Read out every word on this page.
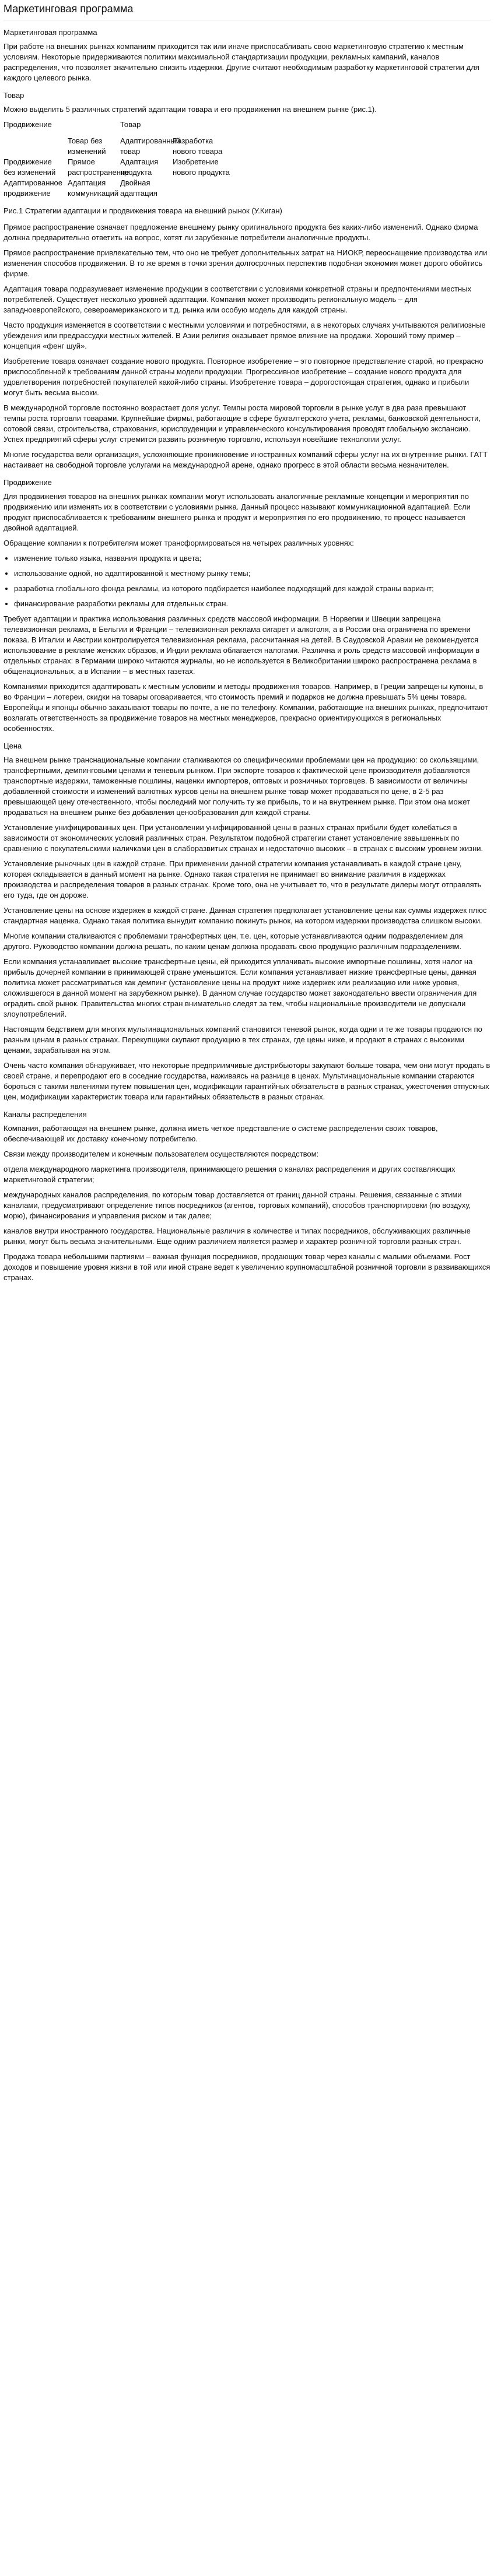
Маркетинговая программа
Маркетинговая программа

При работе на внешних рынках компаниям приходится так или иначе приспосабливать свою маркетинговую стратегию к местным условиям. Некоторые придерживаются политики максимальной стандартизации продукции, рекламных кампаний, каналов распределения, что позволяет значительно снизить издержки. Другие считают необходимым разработку маркетинговой стратегии для каждого целевого рынка.

Товар

Можно выделить 5 различных стратегий адаптации товара и его продвижения на внешнем рынке (рис.1).

Продвижение	Товар
Товар без изменений
Адаптированный товар
Разработка нового товара
Продвижение без изменений
Прямое распространение
Адаптация продукта
Изобретение нового продукта
Адаптированное продвижение
Адаптация коммуникаций
Двойная адаптация
Рис.1 Стратегии адаптации и продвижения товара на внешний рынок (У.Киган)

Прямое распространение означает предложение внешнему рынку оригинального продукта без каких-либо изменений. Однако фирма должна предварительно ответить на вопрос, хотят ли зарубежные потребители аналогичные продукты.

Прямое распространение привлекательно тем, что оно не требует дополнительных затрат на НИОКР, переоснащение производства или изменения способов продвижения. В то же время в точки зрения долгосрочных перспектив подобная экономия может дорого обойтись фирме.

Адаптация товара подразумевает изменение продукции в соответствии с условиями конкретной страны и предпочтениями местных потребителей. Существует несколько уровней адаптации. Компания может производить региональную модель – для западноевропейского, североамериканского и т.д. рынка или особую модель для каждой страны.

Часто продукция изменяется в соответствии с местными условиями и потребностями, а в некоторых случаях учитываются религиозные убеждения или предрассудки местных жителей. В Азии религия оказывает прямое влияние на продажи. Хороший тому пример – концепция «фенг шуй».

Изобретение товара означает создание нового продукта. Повторное изобретение – это повторное представление старой, но прекрасно приспособленной к требованиям данной страны модели продукции. Прогрессивное изобретение – создание нового продукта для удовлетворения потребностей покупателей какой-либо страны. Изобретение товара – дорогостоящая стратегия, однако и прибыли могут быть весьма высоки.

В международной торговле постоянно возрастает доля услуг. Темпы роста мировой торговли в рынке услуг в два раза превышают темпы роста торговли товарами. Крупнейшие фирмы, работающие в сфере бухгалтерского учета, рекламы, банковской деятельности, сотовой связи, строительства, страхования, юриспруденции и управленческого консультирования проводят глобальную экспансию. Успех предприятий сферы услуг стремится развить розничную торговлю, используя новейшие технологии услуг.

Многие государства вели организация, усложняющие проникновение иностранных компаний сферы услуг на их внутренние рынки. ГАТТ настаивает на свободной торговле услугами на международной арене, однако прогресс в этой области весьма незначителен.

Продвижение

Для продвижения товаров на внешних рынках компании могут использовать аналогичные рекламные концепции и мероприятия по продвижению или изменять их в соответствии с условиями рынка. Данный процесс называют коммуникационной адаптацией. Если продукт приспосабливается к требованиям внешнего рынка и продукт и мероприятия по его продвижению, то процесс называется двойной адаптацией.

Обращение компании к потребителям может трансформироваться на четырех различных уровнях:

• изменение только языка, названия продукта и цвета;
• использование одной, но адаптированной к местному рынку темы;
• разработка глобального фонда рекламы, из которого подбирается наиболее подходящий для каждой страны вариант;
• финансирование разработки рекламы для отдельных стран.

Требует адаптации и практика использования различных средств массовой информации. В Норвегии и Швеции запрещена телевизионная реклама, в Бельгии и Франции – телевизионная реклама сигарет и алкоголя, а в России она ограничена по времени показа. В Италии и Австрии контролируется телевизионная реклама, рассчитанная на детей. В Саудовской Аравии не рекомендуется использование в рекламе женских образов, и Индии реклама облагается налогами. Различна и роль средств массовой информации в отдельных странах: в Германии широко читаются журналы, но не используется в Великобритании широко распространена реклама в общенациональных, а в Испании – в местных газетах.

Компаниями приходится адаптировать к местным условиям и методы продвижения товаров. Например, в Греции запрещены купоны, в во Франции – лотереи, скидки на товары оговаривается, что стоимость премий и подарков не должна превышать 5% цены товара. Европейцы и японцы обычно заказывают товары по почте, а не по телефону. Компании, работающие на внешних рынках, предпочитают возлагать ответственность за продвижение товаров на местных менеджеров, прекрасно ориентирующихся в региональных особенностях.

Цена

На внешнем рынке транснациональные компании сталкиваются со специфическими проблемами цен на продукцию: со скользящими, трансфертными, демпинговыми ценами и теневым рынком. При экспорте товаров к фактической цене производителя добавляются транспортные издержки, таможенные пошлины, наценки импортеров, оптовых и розничных торговцев. В зависимости от величины добавленной стоимости и изменений валютных курсов цены на внешнем рынке товар может продаваться по цене, в 2-5 раз превышающей цену отечественного, чтобы последний мог получить ту же прибыль, то и на внутреннем рынке. При этом она может продаваться на внешнем рынке без добавления ценообразования для каждой страны.

Установление унифицированных цен. При установлении унифицированной цены в разных странах прибыли будет колебаться в зависимости от экономических условий различных стран. Результатом подобной стратегии станет установление завышенных по сравнению с покупательскими наличками цен в слаборазвитых странах и недостаточно высоких – в странах с высоким уровнем жизни.

Установление рыночных цен в каждой стране. При применении данной стратегии компания устанавливать в каждой стране цену, которая складывается в данный момент на рынке. Однако такая стратегия не принимает во внимание различия в издержках производства и распределения товаров в разных странах. Кроме того, она не учитывает то, что в результате дилеры могут отправлять его туда, где он дороже.

Установление цены на основе издержек в каждой стране. Данная стратегия предполагает установление цены как суммы издержек плюс стандартная наценка. Однако такая политика вынудит компанию покинуть рынок, на котором издержки производства слишком высоки.

Многие компании сталкиваются с проблемами трансфертных цен, т.е. цен, которые устанавливаются одним подразделением для другого. Руководство компании должна решать, по каким ценам должна продавать свою продукцию различным подразделениям.

Если компания устанавливает высокие трансфертные цены, ей приходится уплачивать высокие импортные пошлины, хотя налог на прибыль дочерней компании в принимающей стране уменьшится. Если компания устанавливает низкие трансфертные цены, данная политика может рассматриваться как демпинг (установление цены на продукт ниже издержек или реализацию или ниже уровня, сложившегося в данной момент на зарубежном рынке). В данном случае государство может законодательно ввести ограничения для оградить свой рынок. Правительства многих стран внимательно следят за тем, чтобы национальные производители не допускали злоупотреблений.

Настоящим бедствием для многих мультинациональных компаний становится теневой рынок, когда одни и те же товары продаются по разным ценам в разных странах. Перекупщики скупают продукцию в тех странах, где цены ниже, и продают в странах с высокими ценами, зарабатывая на этом.

Очень часто компания обнаруживает, что некоторые предприимчивые дистрибьюторы закупают больше товара, чем они могут продать в своей стране, и перепродают его в соседние государства, наживаясь на разнице в ценах. Мультинациональные компании стараются бороться с такими явлениями путем повышения цен, модификации гарантийных обязательств в разных странах, ужесточения отпускных цен, модификации характеристик товара или гарантийных обязательств в разных странах.

Каналы распределения

Компания, работающая на внешнем рынке, должна иметь четкое представление о системе распределения своих товаров, обеспечивающей их доставку конечному потребителю.

Связи между производителем и конечным пользователем осуществляются посредством:

отдела международного маркетинга производителя, принимающего решения о каналах распределения и других составляющих маркетинговой стратегии;

международных каналов распределения, по которым товар доставляется от границ данной страны. Решения, связанные с этими каналами, предусматривают определение типов посредников (агентов, торговых компаний), способов транспортировки (по воздуху, морю), финансирования и управления риском и так далее;

каналов внутри иностранного государства. Национальные различия в количестве и типах посредников, обслуживающих различные рынки, могут быть весьма значительными. Еще одним различием является размер и характер розничной торговли разных стран.

Продажа товара небольшими партиями – важная функция посредников, продающих товар через каналы с малыми объемами. Рост доходов и повышение уровня жизни в той или иной стране ведет к увеличению крупномасштабной розничной торговли в развивающихся странах.
